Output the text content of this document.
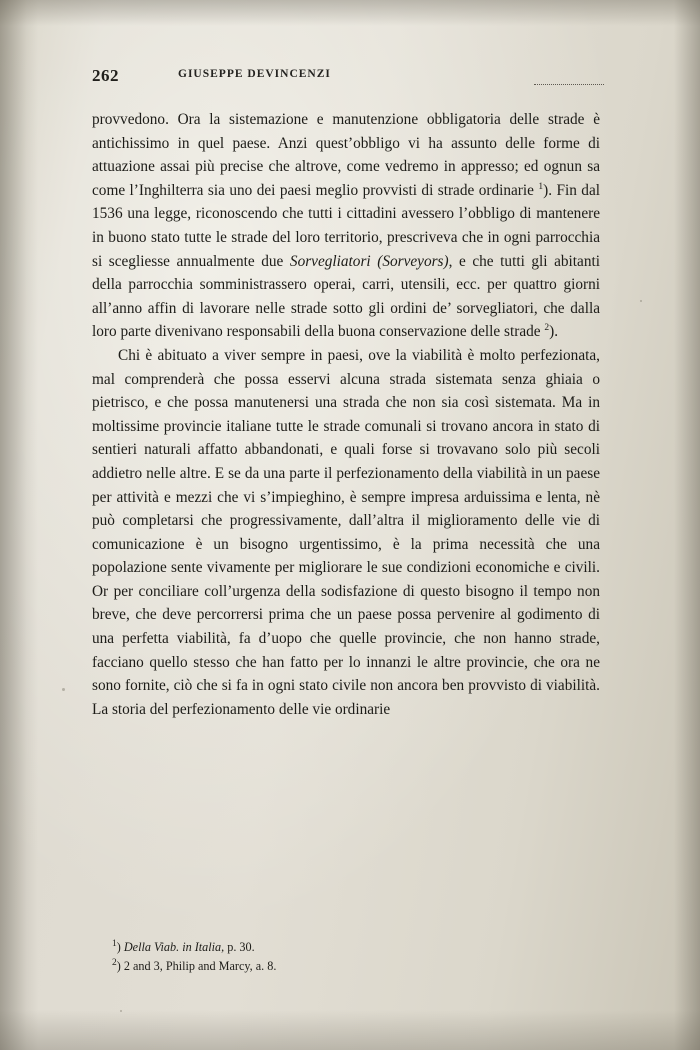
262	GIUSEPPE DEVINCENZI

provvedono. Ora la sistemazione e manutenzione obbligatoria delle strade è antichissimo in quel paese. Anzi quest’obbligo vi ha assunto delle forme di attuazione assai più precise che altrove, come vedremo in appresso; ed ognun sa come l’Inghilterra sia uno dei paesi meglio provvisti di strade ordinarie $^1$). Fin dal 1536 una legge, riconoscendo che tutti i cittadini avessero l’obbligo di mantenere in buono stato tutte le strade del loro territorio, prescriveva che in ogni parrocchia si scegliesse annualmente due Sorvegliatori (Sorveyors), e che tutti gli abitanti della parrocchia somministrassero operai, carri, utensili, ecc. per quattro giorni all’anno affin di lavorare nelle strade sotto gli ordini de’ sorvegliatori, che dalla loro parte divenivano responsabili della buona conservazione delle strade $^2$).

Chi è abituato a viver sempre in paesi, ove la viabilità è molto perfezionata, mal comprenderà che possa esservi alcuna strada sistemata senza ghiaia o pietrisco, e che possa manutenersi una strada che non sia così sistemata. Ma in moltissime provincie italiane tutte le strade comunali si trovano ancora in stato di sentieri naturali affatto abbandonati, e quali forse si trovavano solo più secoli addietro nelle altre. E se da una parte il perfezionamento della viabilità in un paese per attività e mezzi che vi s’impieghino, è sempre impresa arduissima e lenta, nè può completarsi che progressivamente, dall’altra il miglioramento delle vie di comunicazione è un bisogno urgentissimo, è la prima necessità che una popolazione sente vivamente per migliorare le sue condizioni economiche e civili. Or per conciliare coll’urgenza della sodisfazione di questo bisogno il tempo non breve, che deve percorrersi prima che un paese possa pervenire al godimento di una perfetta viabilità, fa d’uopo che quelle provincie, che non hanno strade, facciano quello stesso che han fatto per lo innanzi le altre provincie, che ora ne sono fornite, ciò che si fa in ogni stato civile non ancora ben provvisto di viabilità. La storia del perfezionamento delle vie ordinarie

$^1$) Della Viab. in Italia, p. 30.
$^2$) 2 and 3, Philip and Marcy, a. 8.
